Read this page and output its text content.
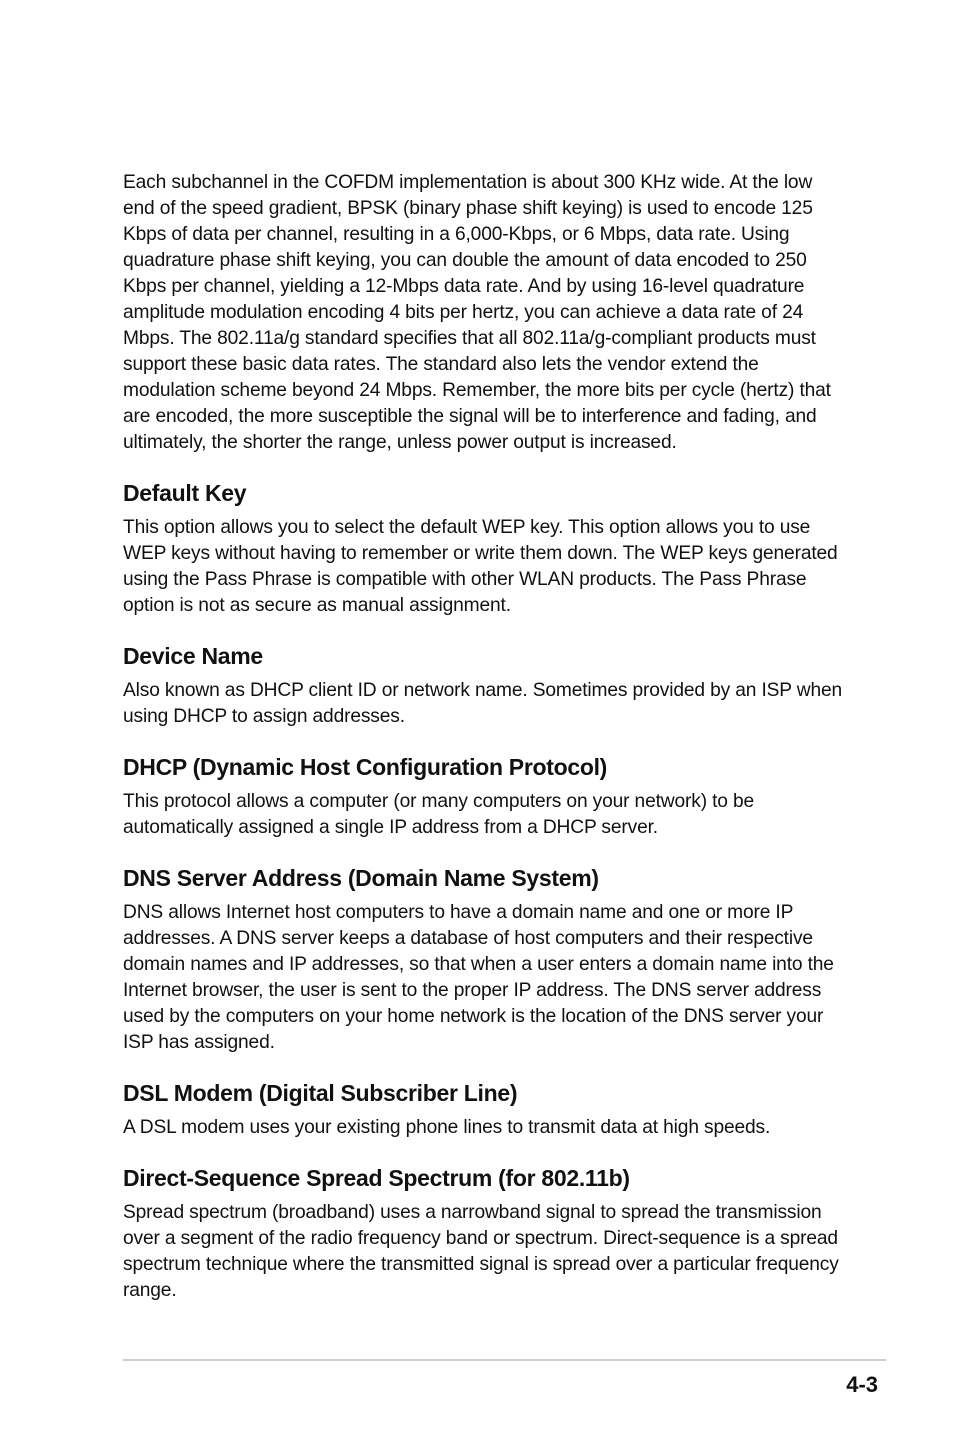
Each subchannel in the COFDM implementation is about 300 KHz wide. At the low end of the speed gradient, BPSK (binary phase shift keying) is used to encode 125 Kbps of data per channel, resulting in a 6,000-Kbps, or 6 Mbps, data rate. Using quadrature phase shift keying, you can double the amount of data encoded to 250 Kbps per channel, yielding a 12-Mbps data rate. And by using 16-level quadrature amplitude modulation encoding 4 bits per hertz, you can achieve a data rate of 24 Mbps. The 802.11a/g standard specifies that all 802.11a/g-compliant products must support these basic data rates. The standard also lets the vendor extend the modulation scheme beyond 24 Mbps. Remember, the more bits per cycle (hertz) that are encoded, the more susceptible the signal will be to interference and fading, and ultimately, the shorter the range, unless power output is increased.

Default Key

This option allows you to select the default WEP key. This option allows you to use WEP keys without having to remember or write them down. The WEP keys generated using the Pass Phrase is compatible with other WLAN products. The Pass Phrase option is not as secure as manual assignment.

Device Name

Also known as DHCP client ID or network name. Sometimes provided by an ISP when using DHCP to assign addresses.

DHCP (Dynamic Host Configuration Protocol)

This protocol allows a computer (or many computers on your network) to be automatically assigned a single IP address from a DHCP server.

DNS Server Address (Domain Name System)

DNS allows Internet host computers to have a domain name and one or more IP addresses. A DNS server keeps a database of host computers and their respective domain names and IP addresses, so that when a user enters a domain name into the Internet browser, the user is sent to the proper IP address. The DNS server address used by the computers on your home network is the location of the DNS server your ISP has assigned.

DSL Modem (Digital Subscriber Line)

A DSL modem uses your existing phone lines to transmit data at high speeds.

Direct-Sequence Spread Spectrum (for 802.11b)

Spread spectrum (broadband) uses a narrowband signal to spread the transmission over a segment of the radio frequency band or spectrum. Direct-sequence is a spread spectrum technique where the transmitted signal is spread over a particular frequency range.

4-3
